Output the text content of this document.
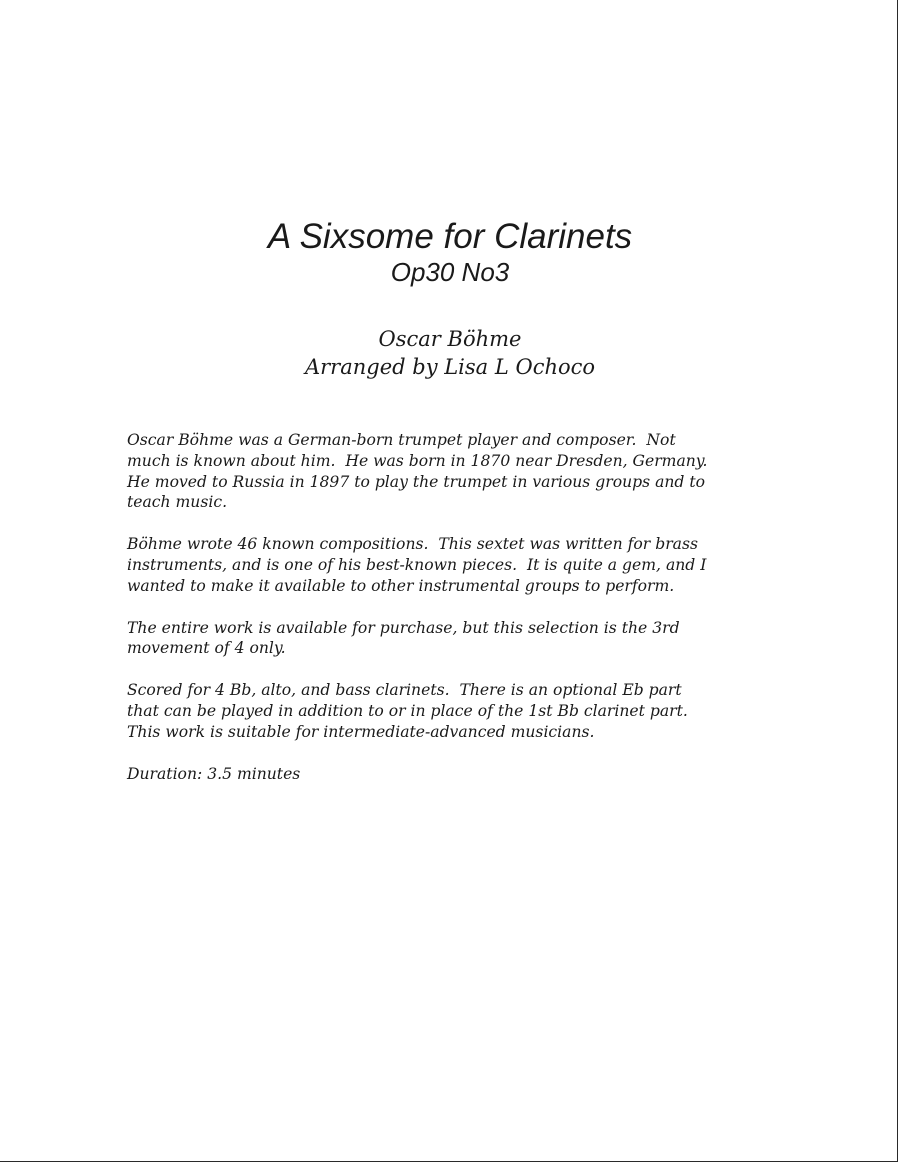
A Sixsome for Clarinets
Op30 No3
Oscar Böhme
Arranged by Lisa L Ochoco

Oscar Böhme was a German-born trumpet player and composer.  Not
much is known about him.  He was born in 1870 near Dresden, Germany.
He moved to Russia in 1897 to play the trumpet in various groups and to
teach music.

Böhme wrote 46 known compositions.  This sextet was written for brass
instruments, and is one of his best-known pieces.  It is quite a gem, and I
wanted to make it available to other instrumental groups to perform.

The entire work is available for purchase, but this selection is the 3rd
movement of 4 only.

Scored for 4 Bb, alto, and bass clarinets.  There is an optional Eb part
that can be played in addition to or in place of the 1st Bb clarinet part.
This work is suitable for intermediate-advanced musicians.

Duration: 3.5 minutes
